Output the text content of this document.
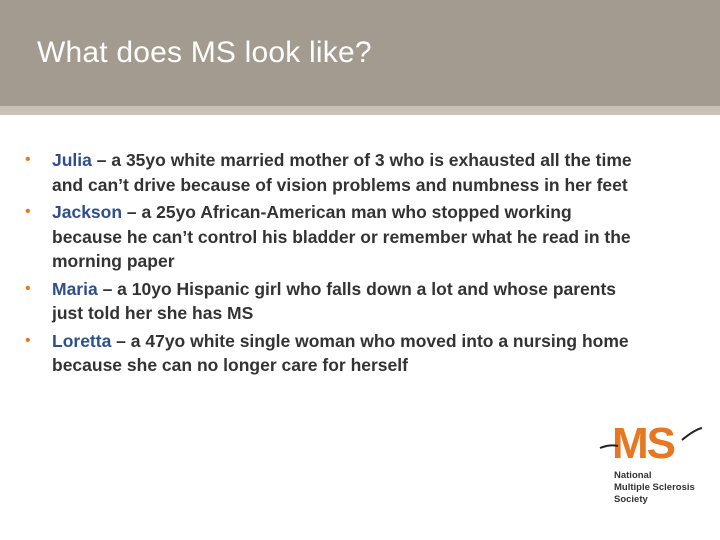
What does MS look like?
• Julia – a 35yo white married mother of 3 who is exhausted all the time and can’t drive because of vision problems and numbness in her feet
• Jackson – a 25yo African-American man who stopped working because he can’t control his bladder or remember what he read in the morning paper
• Maria – a 10yo Hispanic girl who falls down a lot and whose parents just told her she has MS
• Loretta – a 47yo white single woman who moved into a nursing home because she can no longer care for herself
MS
National
Multiple Sclerosis
Society
